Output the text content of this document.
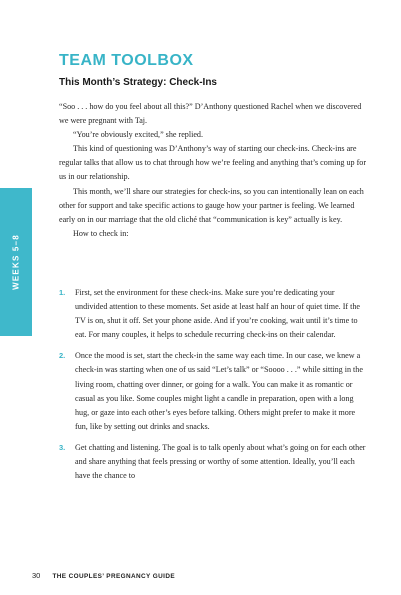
WEEKS 5–8
TEAM TOOLBOX
This Month’s Strategy: Check-Ins

“Soo . . . how do you feel about all this?” D’Anthony questioned Rachel when we discovered we were pregnant with Taj.

“You’re obviously excited,” she replied.

This kind of questioning was D’Anthony’s way of starting our check-ins. Check-ins are regular talks that allow us to chat through how we’re feeling and anything that’s coming up for us in our relationship.

This month, we’ll share our strategies for check-ins, so you can intentionally lean on each other for support and take specific actions to gauge how your partner is feeling. We learned early on in our marriage that the old cliché that “communication is key” actually is key.

How to check in:

1. First, set the environment for these check-ins. Make sure you’re dedicating your undivided attention to these moments. Set aside at least half an hour of quiet time. If the TV is on, shut it off. Set your phone aside. And if you’re cooking, wait until it’s time to eat. For many couples, it helps to schedule recurring check-ins on their calendar.
2. Once the mood is set, start the check-in the same way each time. In our case, we knew a check-in was starting when one of us said “Let’s talk” or “Soooo . . .” while sitting in the living room, chatting over dinner, or going for a walk. You can make it as romantic or casual as you like. Some couples might light a candle in preparation, open with a long hug, or gaze into each other’s eyes before talking. Others might prefer to make it more fun, like by setting out drinks and snacks.
3. Get chatting and listening. The goal is to talk openly about what’s going on for each other and share anything that feels pressing or worthy of some attention. Ideally, you’ll each have the chance to
30 THE COUPLES’ PREGNANCY GUIDE
